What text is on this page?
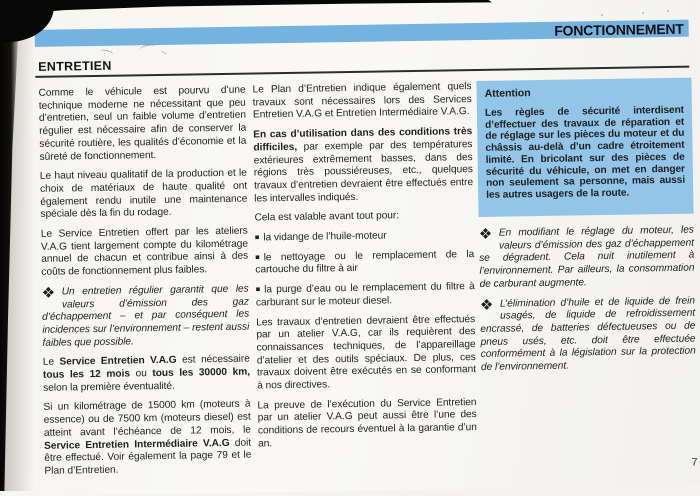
FONCTIONNEMENT
ENTRETIEN

Comme le véhicule est pourvu d’une technique moderne ne nécessitant que peu d’entretien, seul un faible volume d’entretien régulier est nécessaire afin de conserver la sécurité routière, les qualités d’économie et la sûreté de fonctionnement.

Le haut niveau qualitatif de la production et le choix de matériaux de haute qualité ont également rendu inutile une maintenance spéciale dès la fin du rodage.

Le Service Entretien offert par les ateliers V.A.G tient largement compte du kilométrage annuel de chacun et contribue ainsi à des coûts de fonctionnement plus faibles.

❖ Un entretien régulier garantit que les valeurs d’émission des gaz d’échappement – et par conséquent les incidences sur l’environnement – restent aussi faibles que possible.

Le Service Entretien V.A.G est nécessaire tous les 12 mois ou tous les 30000 km, selon la première éventualité.

Si un kilométrage de 15000 km (moteurs à essence) ou de 7500 km (moteurs diesel) est atteint avant l’échéance de 12 mois, le Service Entretien Intermédiaire V.A.G doit être effectué. Voir également la page 79 et le Plan d’Entretien.

Le Plan d’Entretien indique également quels travaux sont nécessaires lors des Services Entretien V.A.G et Entretien Intermédiaire V.A.G.

En cas d’utilisation dans des conditions très difficiles, par exemple par des températures extérieures extrêmement basses, dans des régions très poussiéreuses, etc., quelques travaux d’entretien devraient être effectués entre les intervalles indiqués.

Cela est valable avant tout pour:

■ la vidange de l’huile-moteur

■ le nettoyage ou le remplacement de la cartouche du filtre à air

■ la purge d’eau ou le remplacement du filtre à carburant sur le moteur diesel.

Les travaux d’entretien devraient être effectués par un atelier V.A.G, car ils requièrent des connaissances techniques, de l’appareillage d’atelier et des outils spéciaux. De plus, ces travaux doivent être exécutés en se conformant à nos directives.

La preuve de l’exécution du Service Entretien par un atelier V.A.G peut aussi être l’une des conditions de recours éventuel à la garantie d’un an.

Attention

Les règles de sécurité interdisent d’effectuer des travaux de réparation et de réglage sur les pièces du moteur et du châssis au-delà d’un cadre étroitement limité. En bricolant sur des pièces de sécurité du véhicule, on met en danger non seulement sa personne, mais aussi les autres usagers de la route.

❖ En modifiant le réglage du moteur, les valeurs d’émission des gaz d’échappement se dégradent. Cela nuit inutilement à l’environnement. Par ailleurs, la consommation de carburant augmente.

❖ L’élimination d’huile et de liquide de frein usagés, de liquide de refroidissement encrassé, de batteries défectueuses ou de pneus usés, etc. doit être effectuée conformément à la législation sur la protection de l’environnement.

7
